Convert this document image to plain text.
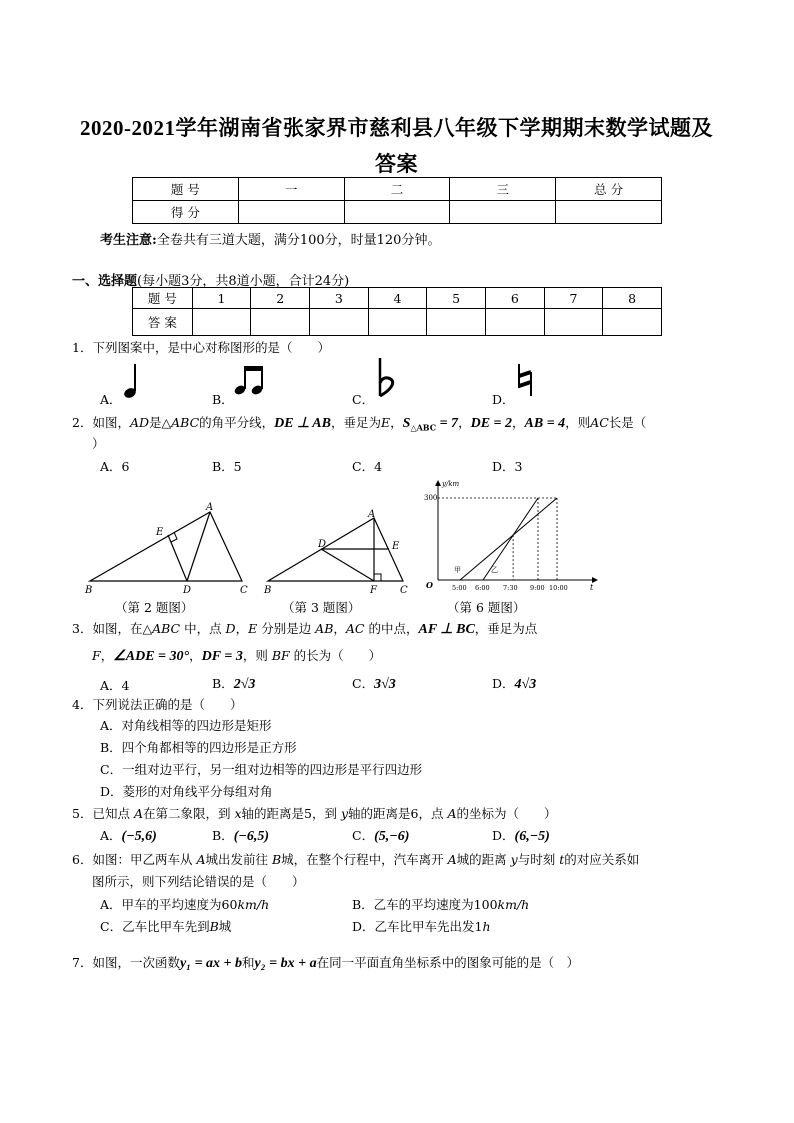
2020-2021学年湖南省张家界市慈利县八年级下学期期末数学试题及
答案
题 号	一	二	三	总 分
得 分				
考生注意:全卷共有三道大题，满分100分，时量120分钟。
一、选择题(每小题3分，共8道小题，合计24分)
题 号	1	2	3	4	5	6	7	8
答 案								
1．下列图案中，是中心对称图形的是（　　）
A．	B．	C．	D．
2．如图，AD是△ABC的角平分线，DE ⊥ AB，垂足为E，$S_{\triangle ABC} = 7$，DE = 2，AB = 4，则AC长是（
）
A．6	B．5	C．4	D．3
A
E
B	D	C
（第 2 题图）
A
D	E
B	F C
（第 3 题图）
y/km
300
O	t
5:00 6:00 7:30 9:00 10:00
甲	乙
（第 6 题图）
3．如图，在△ABC 中，点 D，E 分别是边 AB，AC 的中点，AF ⊥ BC，垂足为点
F，∠ADE = 30°，DF = 3，则 BF 的长为（　　）
A．4	B．2√3	C．3√3	D．4√3
4．下列说法正确的是（　　）
A．对角线相等的四边形是矩形
B．四个角都相等的四边形是正方形
C．一组对边平行，另一组对边相等的四边形是平行四边形
D．菱形的对角线平分每组对角
5．已知点 A在第二象限，到 x轴的距离是5，到 y轴的距离是6，点 A的坐标为（　　）
A．(−5,6)	B．(−6,5)	C．(5,−6)	D．(6,−5)
6．如图：甲乙两车从 A城出发前往 B城，在整个行程中，汽车离开 A城的距离 y与时刻 t的对应关系如
图所示，则下列结论错误的是（　　）
A．甲车的平均速度为60km/h	B．乙车的平均速度为100km/h
C．乙车比甲车先到B城	D．乙车比甲车先出发1h
7．如图，一次函数y₁ = ax + b和y₂ = bx + a在同一平面直角坐标系中的图象可能的是（　）
